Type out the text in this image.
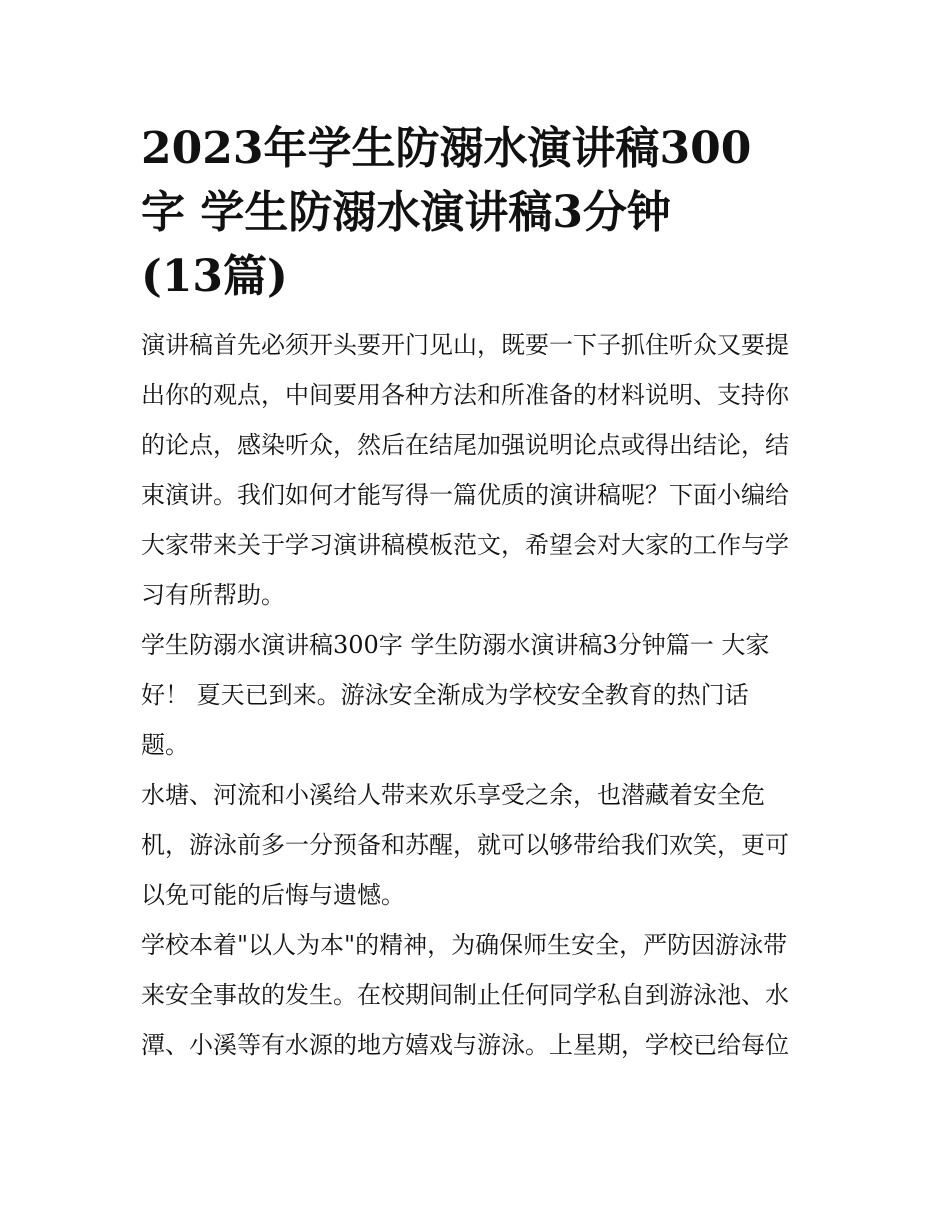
2023年学生防溺水演讲稿300
字 学生防溺水演讲稿3分钟
(13篇)

演讲稿首先必须开头要开门见山，既要一下子抓住听众又要提
出你的观点，中间要用各种方法和所准备的材料说明、支持你
的论点，感染听众，然后在结尾加强说明论点或得出结论，结
束演讲。我们如何才能写得一篇优质的演讲稿呢？下面小编给
大家带来关于学习演讲稿模板范文，希望会对大家的工作与学
习有所帮助。

学生防溺水演讲稿300字 学生防溺水演讲稿3分钟篇一 大家
好！ 夏天已到来。游泳安全渐成为学校安全教育的热门话
题。

水塘、河流和小溪给人带来欢乐享受之余，也潜藏着安全危
机，游泳前多一分预备和苏醒，就可以够带给我们欢笑，更可
以免可能的后悔与遗憾。

学校本着"以人为本"的精神，为确保师生安全，严防因游泳带
来安全事故的发生。在校期间制止任何同学私自到游泳池、水
潭、小溪等有水源的地方嬉戏与游泳。上星期，学校已给每位
